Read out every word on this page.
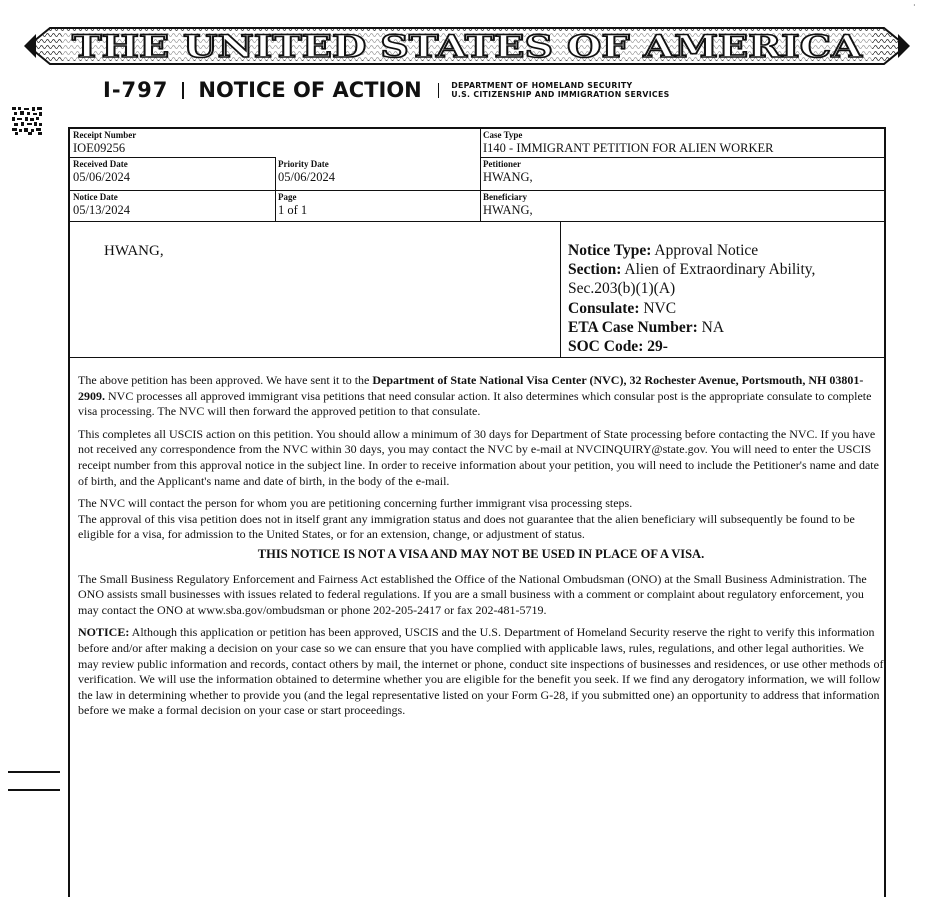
THE UNITED STATES OF AMERICA
·
I-797 NOTICE OF ACTION	DEPARTMENT OF HOMELAND SECURITY
U.S. CITIZENSHIP AND IMMIGRATION SERVICES
Receipt Number
IOE09256
Case Type
I140 - IMMIGRANT PETITION FOR ALIEN WORKER
Received Date
05/06/2024
Priority Date
05/06/2024
Petitioner
HWANG,
Notice Date
05/13/2024
Page
1 of 1
Beneficiary
HWANG,
HWANG,	Notice Type: Approval Notice
Section: Alien of Extraordinary Ability, Sec.203(b)(1)(A)
Consulate: NVC
ETA Case Number: NA
SOC Code: 29-

The above petition has been approved. We have sent it to the Department of State National Visa Center (NVC), 32 Rochester Avenue, Portsmouth, NH 03801-2909. NVC processes all approved immigrant visa petitions that need consular action. It also determines which consular post is the appropriate consulate to complete visa processing. The NVC will then forward the approved petition to that consulate.

This completes all USCIS action on this petition. You should allow a minimum of 30 days for Department of State processing before contacting the NVC. If you have not received any correspondence from the NVC within 30 days, you may contact the NVC by e-mail at NVCINQUIRY@state.gov. You will need to enter the USCIS receipt number from this approval notice in the subject line. In order to receive information about your petition, you will need to include the Petitioner's name and date of birth, and the Applicant's name and date of birth, in the body of the e-mail.

The NVC will contact the person for whom you are petitioning concerning further immigrant visa processing steps.
The approval of this visa petition does not in itself grant any immigration status and does not guarantee that the alien beneficiary will subsequently be found to be eligible for a visa, for admission to the United States, or for an extension, change, or adjustment of status.

THIS NOTICE IS NOT A VISA AND MAY NOT BE USED IN PLACE OF A VISA.

The Small Business Regulatory Enforcement and Fairness Act established the Office of the National Ombudsman (ONO) at the Small Business Administration. The ONO assists small businesses with issues related to federal regulations. If you are a small business with a comment or complaint about regulatory enforcement, you may contact the ONO at www.sba.gov/ombudsman or phone 202-205-2417 or fax 202-481-5719.

NOTICE: Although this application or petition has been approved, USCIS and the U.S. Department of Homeland Security reserve the right to verify this information before and/or after making a decision on your case so we can ensure that you have complied with applicable laws, rules, regulations, and other legal authorities. We may review public information and records, contact others by mail, the internet or phone, conduct site inspections of businesses and residences, or use other methods of verification. We will use the information obtained to determine whether you are eligible for the benefit you seek. If we find any derogatory information, we will follow the law in determining whether to provide you (and the legal representative listed on your Form G-28, if you submitted one) an opportunity to address that information before we make a formal decision on your case or start proceedings.
